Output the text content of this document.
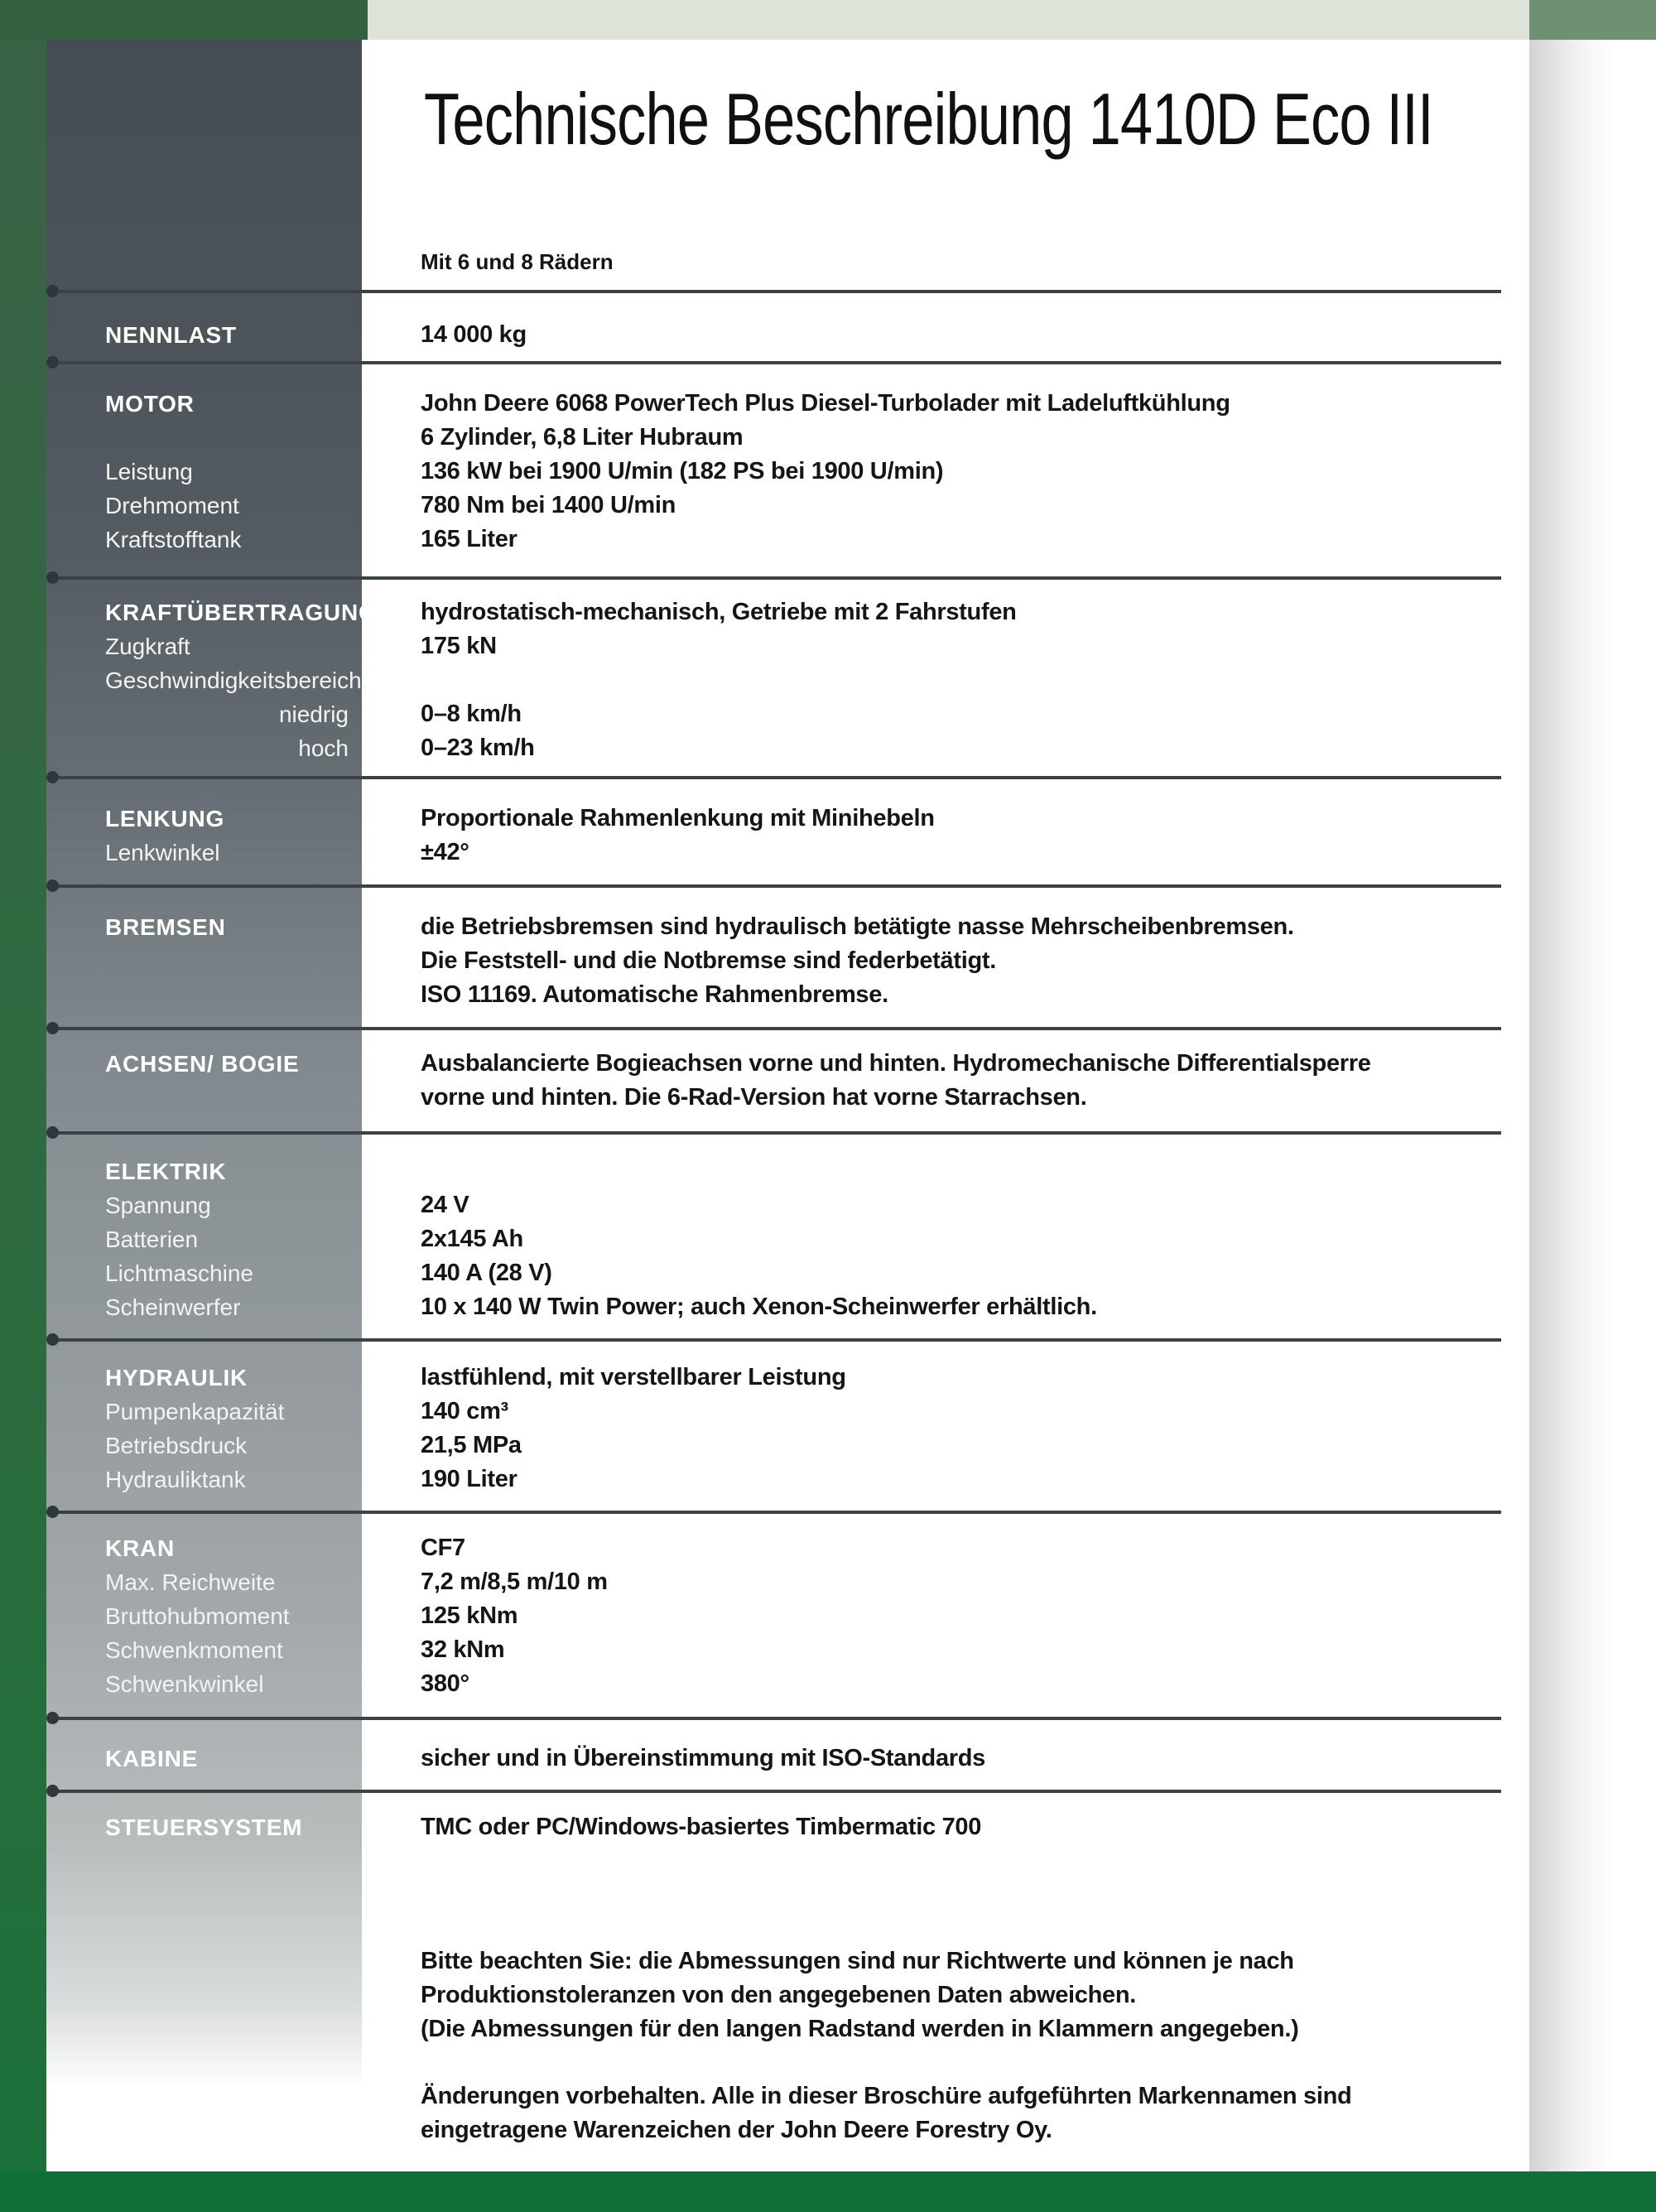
Technische Beschreibung 1410D Eco III
Mit 6 und 8 Rädern
NENNLAST	14 000 kg
MOTOR	John Deere 6068 PowerTech Plus Diesel-Turbolader mit Ladeluftkühlung
6 Zylinder, 6,8 Liter Hubraum
Leistung	136 kW bei 1900 U/min (182 PS bei 1900 U/min)
Drehmoment	780 Nm bei 1400 U/min
Kraftstofftank	165 Liter
KRAFTÜBERTRAGUNG hydrostatisch-mechanisch, Getriebe mit 2 Fahrstufen
Zugkraft	175 kN
Geschwindigkeitsbereich,
niedrig	0–8 km/h
hoch	0–23 km/h
LENKUNG	Proportionale Rahmenlenkung mit Minihebeln
Lenkwinkel	±42°
BREMSEN	die Betriebsbremsen sind hydraulisch betätigte nasse Mehrscheibenbremsen.
Die Feststell- und die Notbremse sind federbetätigt.
ISO 11169. Automatische Rahmenbremse.
ACHSEN/ BOGIE	Ausbalancierte Bogieachsen vorne und hinten. Hydromechanische Differentialsperre
vorne und hinten. Die 6-Rad-Version hat vorne Starrachsen.
ELEKTRIK
Spannung	24 V
Batterien	2x145 Ah
Lichtmaschine	140 A (28 V)
Scheinwerfer	10 x 140 W Twin Power; auch Xenon-Scheinwerfer erhältlich.
HYDRAULIK	lastfühlend, mit verstellbarer Leistung
Pumpenkapazität	140 cm³
Betriebsdruck	21,5 MPa
Hydrauliktank	190 Liter
KRAN	CF7
Max. Reichweite	7,2 m/8,5 m/10 m
Bruttohubmoment	125 kNm
Schwenkmoment	32 kNm
Schwenkwinkel	380°
KABINE	sicher und in Übereinstimmung mit ISO-Standards
STEUERSYSTEM	TMC oder PC/Windows-basiertes Timbermatic 700
Bitte beachten Sie: die Abmessungen sind nur Richtwerte und können je nach
Produktionstoleranzen von den angegebenen Daten abweichen.
(Die Abmessungen für den langen Radstand werden in Klammern angegeben.)
Änderungen vorbehalten. Alle in dieser Broschüre aufgeführten Markennamen sind
eingetragene Warenzeichen der John Deere Forestry Oy.
